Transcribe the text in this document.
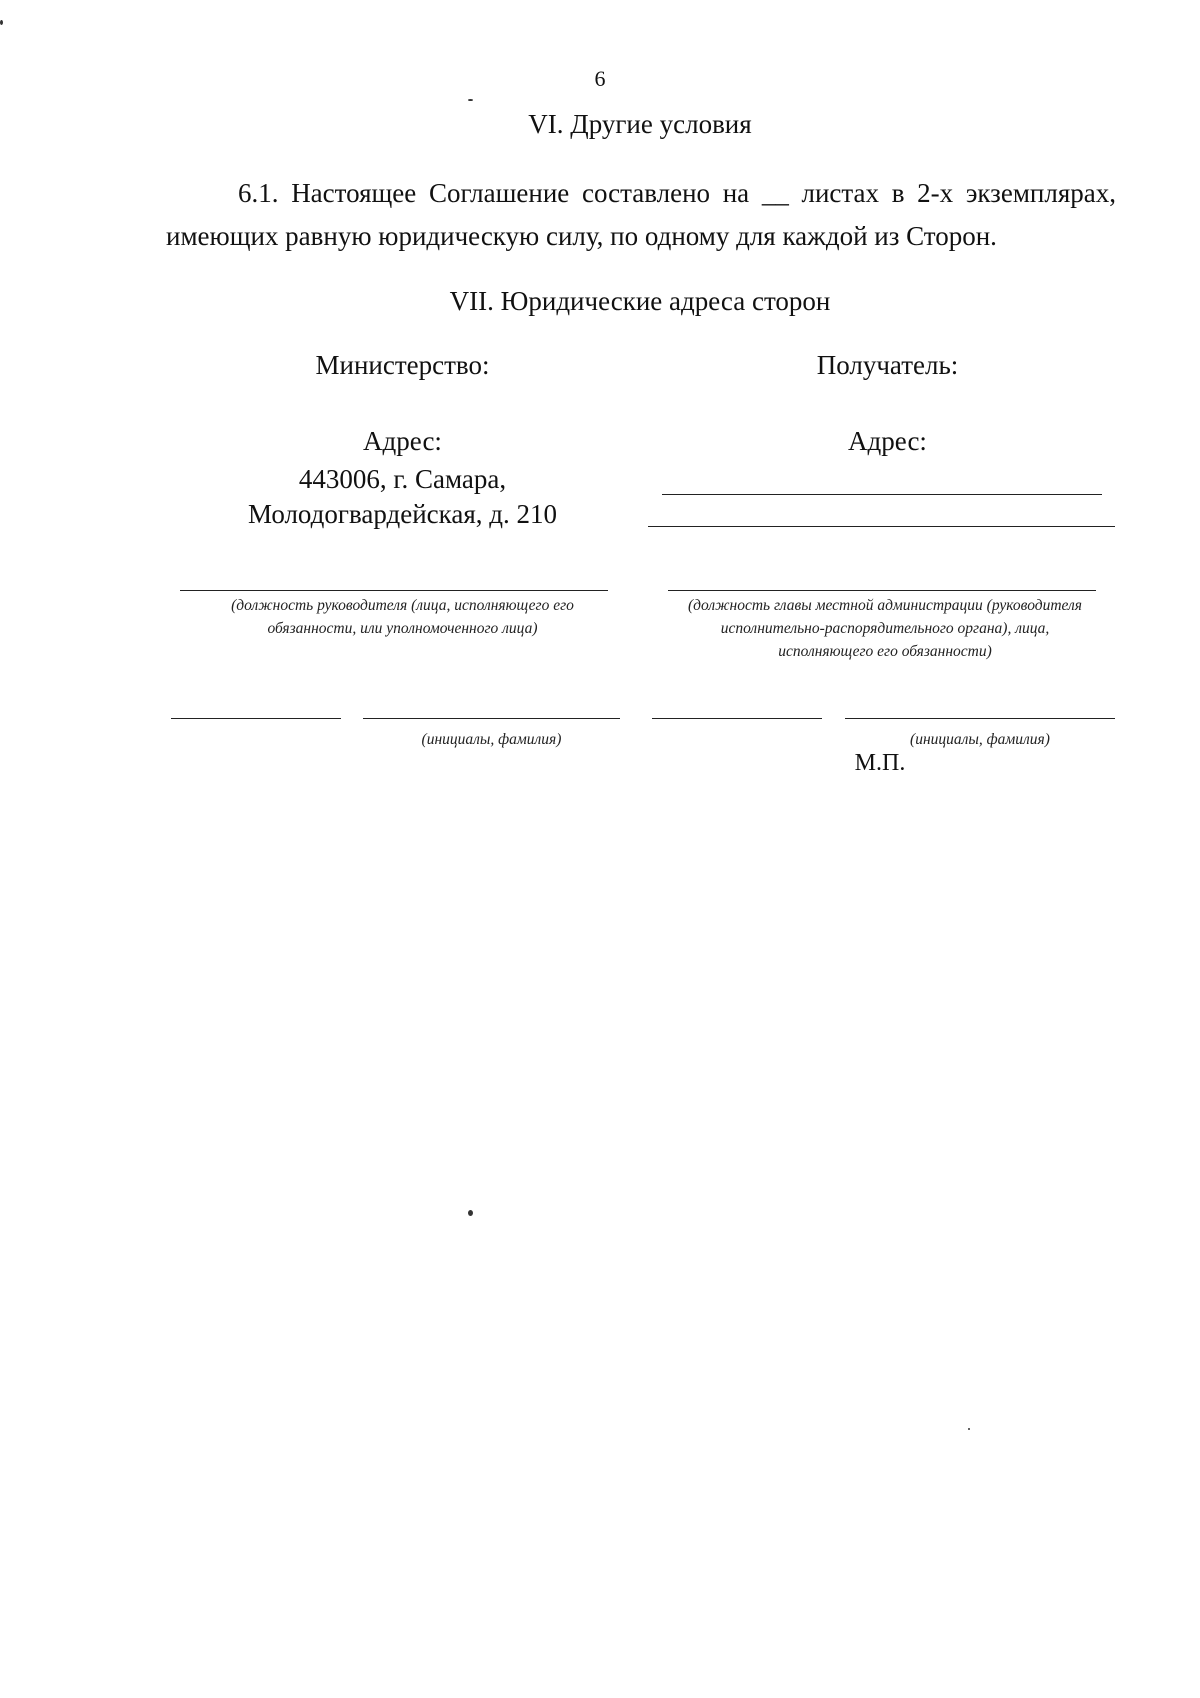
6
VI. Другие условия
6.1. Настоящее Соглашение составлено на __ листах в 2-х экземплярах,
имеющих равную юридическую силу, по одному для каждой из Сторон.
VII. Юридические адреса сторон
Министерство:
Адрес:
443006, г. Самара,
Молодогвардейская, д. 210
(должность руководителя (лица, исполняющего его
обязанности, или уполномоченного лица)
(инициалы, фамилия)
Получатель:
Адрес:
(должность главы местной администрации (руководителя
исполнительно-распорядительного органа), лица,
исполняющего его обязанности)
(инициалы, фамилия)
М.П.
